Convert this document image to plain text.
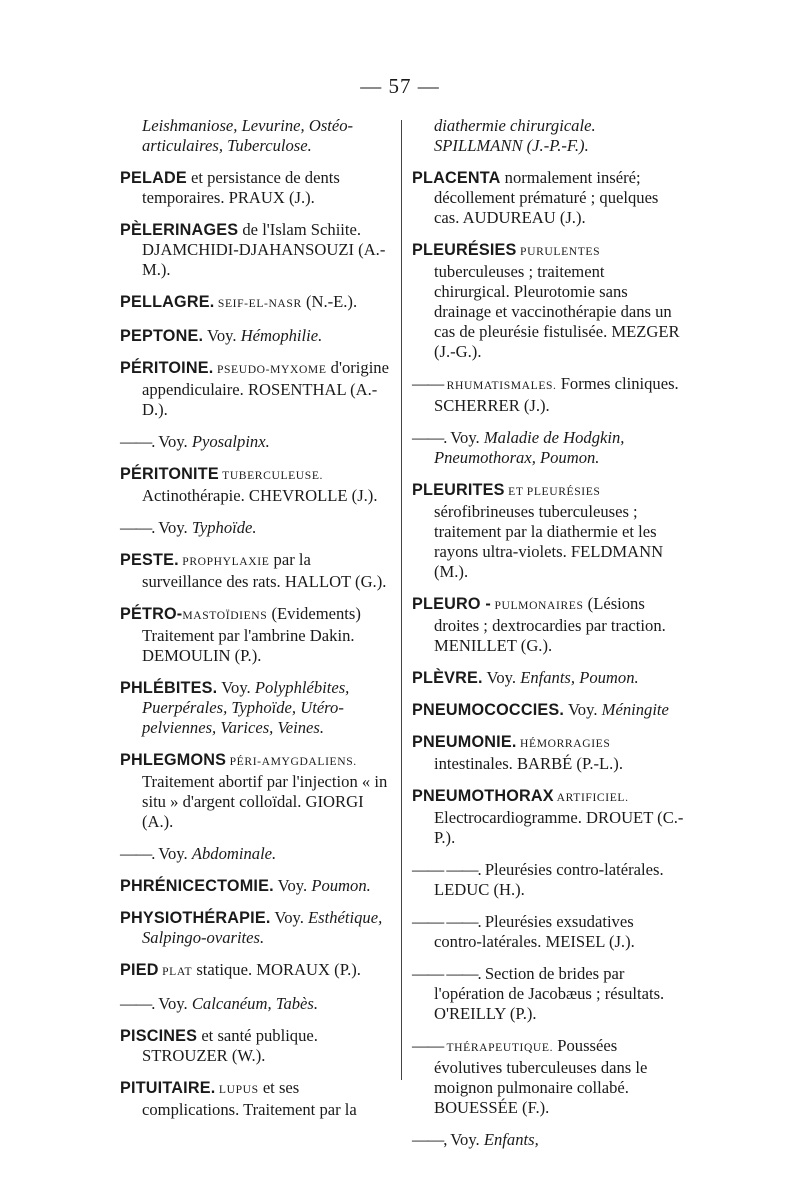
— 57 —

Leishmaniose, Levurine, Ostéo-articulaires, Tuberculose.

PELADE et persistance de dents temporaires. PRAUX (J.).

PÈLERINAGES de l'Islam Schiite. DJAMCHIDI-DJAHANSOUZI (A.-M.).

PELLAGRE. SEIF-EL-NASR (N.-E.).

PEPTONE. Voy. Hémophilie.

PÉRITOINE. PSEUDO-MYXOME d'origine appendiculaire. ROSENTHAL (A.-D.).

——. Voy. Pyosalpinx.

PÉRITONITE TUBERCULEUSE. Actinothérapie. CHEVROLLE (J.).

——. Voy. Typhoïde.

PESTE. PROPHYLAXIE par la surveillance des rats. HALLOT (G.).

PÉTRO-MASTOÏDIENS (Evidements) Traitement par l'ambrine Dakin. DEMOULIN (P.).

PHLÉBITES. Voy. Polyphlébites, Puerpérales, Typhoïde, Utéro-pelviennes, Varices, Veines.

PHLEGMONS PÉRI-AMYGDALIENS. Traitement abortif par l'injection « in situ » d'argent colloïdal. GIORGI (A.).

——. Voy. Abdominale.

PHRÉNICECTOMIE. Voy. Poumon.

PHYSIOTHÉRAPIE. Voy. Esthétique, Salpingo-ovarites.

PIED PLAT statique. MORAUX (P.).

——. Voy. Calcanéum, Tabès.

PISCINES et santé publique. STROUZER (W.).

PITUITAIRE. LUPUS et ses complications. Traitement par la

diathermie chirurgicale. SPILLMANN (J.-P.-F.).

PLACENTA normalement inséré; décollement prématuré ; quelques cas. AUDUREAU (J.).

PLEURÉSIES PURULENTES tuberculeuses ; traitement chirurgical. Pleurotomie sans drainage et vaccinothérapie dans un cas de pleurésie fistulisée. MEZGER (J.-G.).

—— RHUMATISMALES. Formes cliniques. SCHERRER (J.).

——. Voy. Maladie de Hodgkin, Pneumothorax, Poumon.

PLEURITES ET PLEURÉSIES sérofibrineuses tuberculeuses ; traitement par la diathermie et les rayons ultra-violets. FELDMANN (M.).

PLEURO - PULMONAIRES (Lésions droites ; dextrocardies par traction. MENILLET (G.).

PLÈVRE. Voy. Enfants, Poumon.

PNEUMOCOCCIES. Voy. Méningite

PNEUMONIE. HÉMORRAGIES intestinales. BARBÉ (P.-L.).

PNEUMOTHORAX ARTIFICIEL. Electrocardiogramme. DROUET (C.-P.).

—— ——. Pleurésies contro-latérales. LEDUC (H.).

—— ——. Pleurésies exsudatives contro-latérales. MEISEL (J.).

—— ——. Section de brides par l'opération de Jacobæus ; résultats. O'REILLY (P.).

—— THÉRAPEUTIQUE. Poussées évolutives tuberculeuses dans le moignon pulmonaire collabé. BOUESSÉE (F.).

——, Voy. Enfants,
